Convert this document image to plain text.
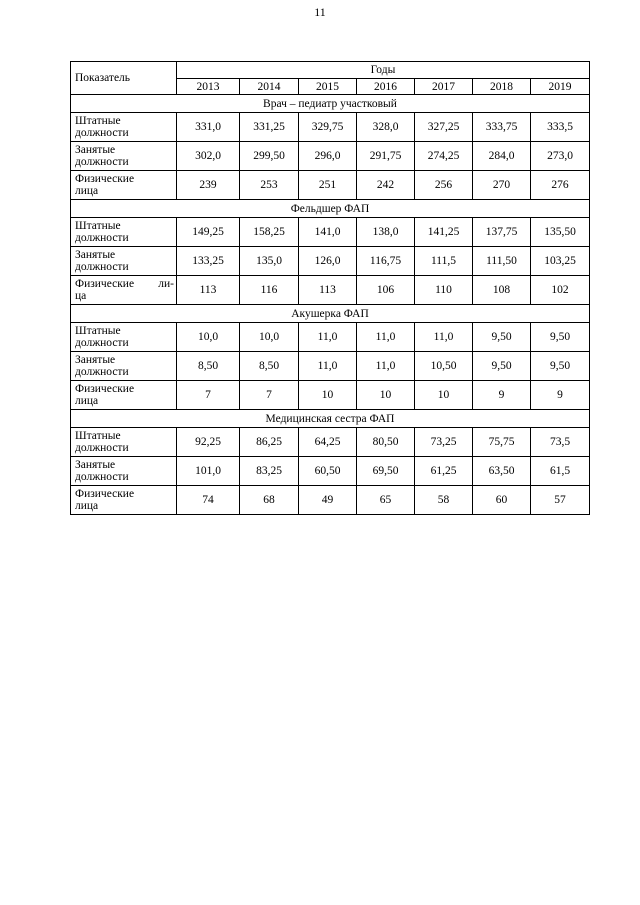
11
Показатель	Годы						
	2013	2014	2015	2016	2017	2018	2019
Врач – педиатр участковый							

Штатные
должности	331,0	331,25	329,75	328,0	327,25	333,75	333,5

Занятые
должности	302,0	299,50	296,0	291,75	274,25	284,0	273,0

Физические
лица	239	253	251	242	256	270	276
Фельдшер ФАП							

Штатные
должности	149,25	158,25	141,0	138,0	141,25	137,75	135,50

Занятые
должности	133,25	135,0	126,0	116,75	111,5	111,50	103,25

Физические ли-
ца	113	116	113	106	110	108	102
Акушерка ФАП							

Штатные
должности	10,0	10,0	11,0	11,0	11,0	9,50	9,50

Занятые
должности	8,50	8,50	11,0	11,0	10,50	9,50	9,50

Физические
лица	7	7	10	10	10	9	9
Медицинская сестра ФАП							

Штатные
должности	92,25	86,25	64,25	80,50	73,25	75,75	73,5

Занятые
должности	101,0	83,25	60,50	69,50	61,25	63,50	61,5

Физические
лица	74	68	49	65	58	60	57
